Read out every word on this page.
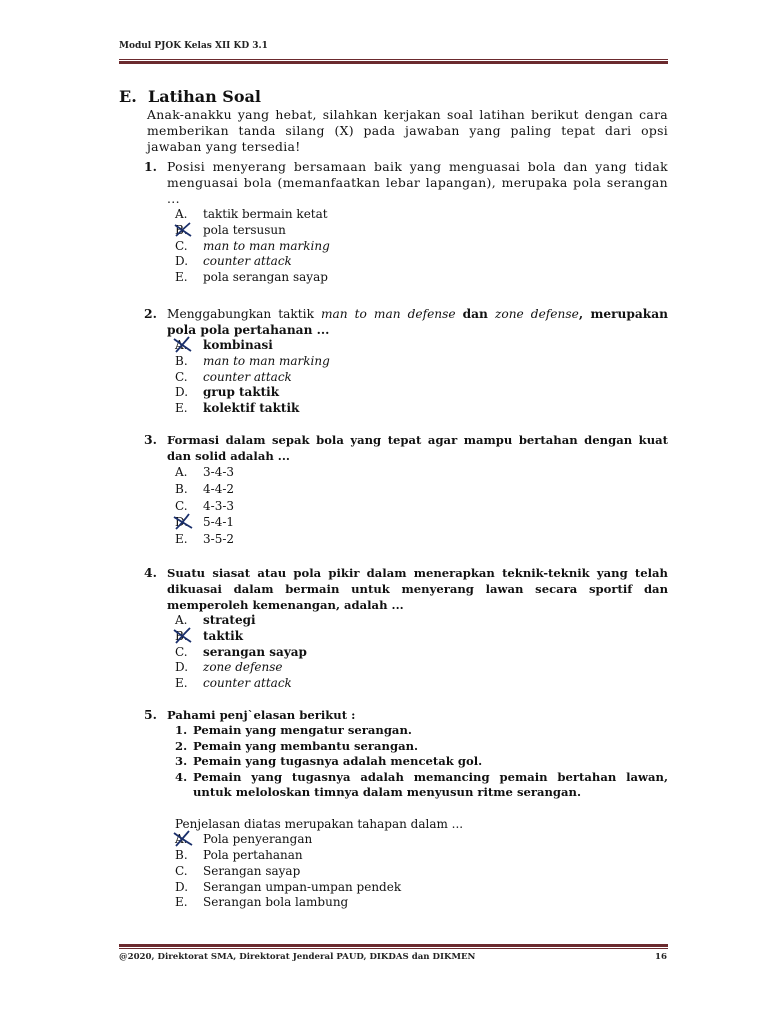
Modul PJOK Kelas XII KD 3.1
E. Latihan Soal
Anak-anakku yang hebat, silahkan kerjakan soal latihan berikut dengan cara memberikan tanda silang (X) pada jawaban yang paling tepat dari opsi jawaban yang tersedia!
1. Posisi menyerang bersamaan baik yang menguasai bola dan yang tidak menguasai bola (memanfaatkan lebar lapangan), merupaka pola serangan ...
A. taktik bermain ketat
B. pola tersusun
C. man to man marking
D. counter attack
E. pola serangan sayap
2. Menggabungkan taktik man to man defense dan zone defense, merupakan pola pola pertahanan ...
A. kombinasi
B. man to man marking
C. counter attack
D. grup taktik
E. kolektif taktik
3. Formasi dalam sepak bola yang tepat agar mampu bertahan dengan kuat dan solid adalah ...
A. 3-4-3
B. 4-4-2
C. 4-3-3
D. 5-4-1
E. 3-5-2
4. Suatu siasat atau pola pikir dalam menerapkan teknik-teknik yang telah dikuasai dalam bermain untuk menyerang lawan secara sportif dan memperoleh kemenangan, adalah ...
A. strategi
B. taktik
C. serangan sayap
D. zone defense
E. counter attack
5. Pahami penj`elasan berikut :
1. Pemain yang mengatur serangan.
2. Pemain yang membantu serangan.
3. Pemain yang tugasnya adalah mencetak gol.
4. Pemain yang tugasnya adalah memancing pemain bertahan lawan, untuk meloloskan timnya dalam menyusun ritme serangan.
Penjelasan diatas merupakan tahapan dalam ...
A. Pola penyerangan
B. Pola pertahanan
C. Serangan sayap
D. Serangan umpan-umpan pendek
E. Serangan bola lambung
@2020, Direktorat SMA, Direktorat Jenderal PAUD, DIKDAS dan DIKMEN	16
